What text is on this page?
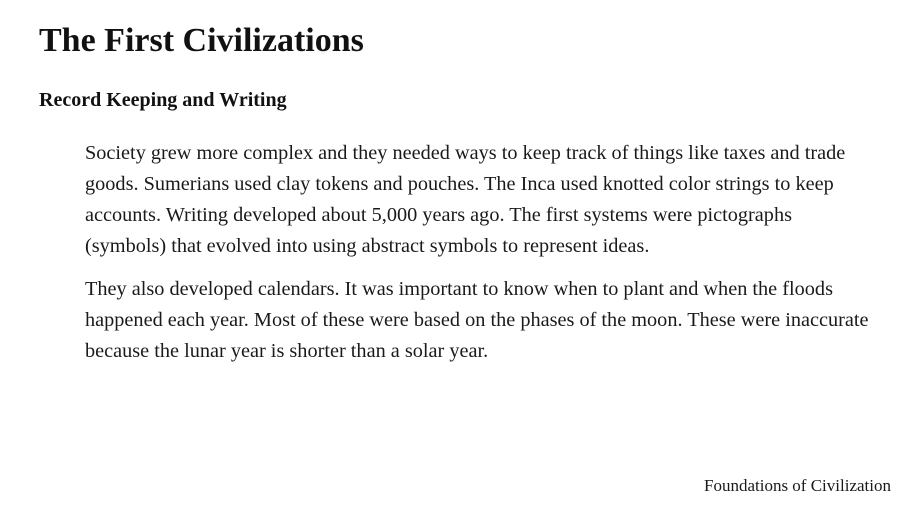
The First Civilizations
Record Keeping and Writing

Society grew more complex and they needed ways to keep track of things like taxes and trade goods. Sumerians used clay tokens and pouches. The Inca used knotted color strings to keep accounts. Writing developed about 5,000 years ago. The first systems were pictographs (symbols) that evolved into using abstract symbols to represent ideas.

They also developed calendars. It was important to know when to plant and when the floods happened each year. Most of these were based on the phases of the moon. These were inaccurate because the lunar year is shorter than a solar year.

Foundations of Civilization
